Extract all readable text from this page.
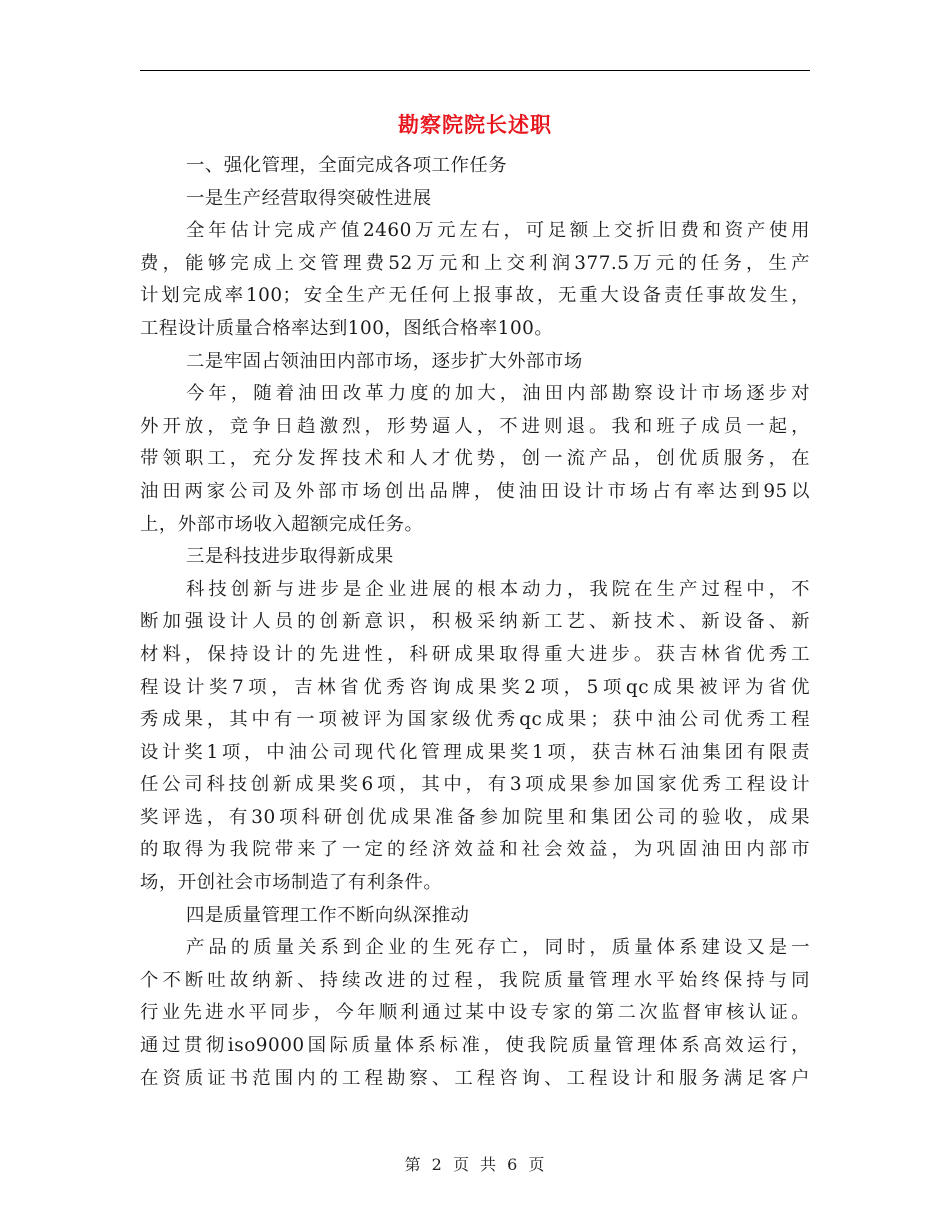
勘察院院长述职
一、强化管理，全面完成各项工作任务
一是生产经营取得突破性进展
全年估计完成产值2460万元左右，可足额上交折旧费和资产使用
费，能够完成上交管理费52万元和上交利润377.5万元的任务，生产
计划完成率100；安全生产无任何上报事故，无重大设备责任事故发生，
工程设计质量合格率达到100，图纸合格率100。
二是牢固占领油田内部市场，逐步扩大外部市场
今年，随着油田改革力度的加大，油田内部勘察设计市场逐步对
外开放，竞争日趋激烈，形势逼人，不进则退。我和班子成员一起，
带领职工，充分发挥技术和人才优势，创一流产品，创优质服务，在
油田两家公司及外部市场创出品牌，使油田设计市场占有率达到95以
上，外部市场收入超额完成任务。
三是科技进步取得新成果
科技创新与进步是企业进展的根本动力，我院在生产过程中，不
断加强设计人员的创新意识，积极采纳新工艺、新技术、新设备、新
材料，保持设计的先进性，科研成果取得重大进步。获吉林省优秀工
程设计奖7项，吉林省优秀咨询成果奖2项，5项qc成果被评为省优
秀成果，其中有一项被评为国家级优秀qc成果；获中油公司优秀工程
设计奖1项，中油公司现代化管理成果奖1项，获吉林石油集团有限责
任公司科技创新成果奖6项，其中，有3项成果参加国家优秀工程设计
奖评选，有30项科研创优成果准备参加院里和集团公司的验收，成果
的取得为我院带来了一定的经济效益和社会效益，为巩固油田内部市
场，开创社会市场制造了有利条件。
四是质量管理工作不断向纵深推动
产品的质量关系到企业的生死存亡，同时，质量体系建设又是一
个不断吐故纳新、持续改进的过程，我院质量管理水平始终保持与同
行业先进水平同步，今年顺利通过某中设专家的第二次监督审核认证。
通过贯彻iso9000国际质量体系标准，使我院质量管理体系高效运行，
在资质证书范围内的工程勘察、工程咨询、工程设计和服务满足客户
第 2 页 共 6 页
